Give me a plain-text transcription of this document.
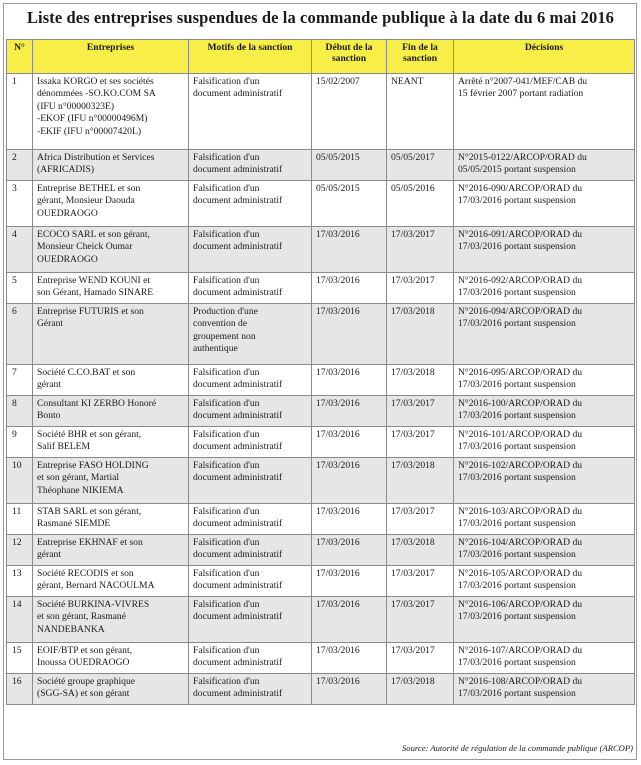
Liste des entreprises suspendues de la commande publique à la date du 6 mai 2016
N°	Entreprises	Motifs de la sanction	Début de la
sanction	Fin de la
sanction	Décisions
1	Issaka KORGO et ses sociétés
dénommées -SO.KO.COM SA
(IFU n°00000323E)
-EKOF (IFU n°00000496M)
-EKIF (IFU n°00007420L)	Falsification d'un
document administratif	15/02/2007	NEANT	Arrêté n°2007-041/MEF/CAB du
15 février 2007 portant radiation

2	Africa Distribution et Services
(AFRICADIS)	Falsification d'un
document administratif	05/05/2015	05/05/2017	N°2015-0122/ARCOP/ORAD du
05/05/2015 portant suspension

3	Entreprise BETHEL et son
gérant, Monsieur Daouda
OUEDRAOGO	Falsification d'un
document administratif	05/05/2015	05/05/2016	N°2016-090/ARCOP/ORAD du
17/03/2016 portant suspension

4	ECOCO SARL et son gérant,
Monsieur Cheick Oumar
OUEDRAOGO	Falsification d'un
document administratif	17/03/2016	17/03/2017	N°2016-091/ARCOP/ORAD du
17/03/2016 portant suspension

5	Entreprise WEND KOUNI et
son Gérant, Hamado SINARE	Falsification d'un
document administratif	17/03/2016	17/03/2017	N°2016-092/ARCOP/ORAD du
17/03/2016 portant suspension

6	Entreprise FUTURIS et son
Gérant	Production d'une
convention de
groupement non
authentique	17/03/2016	17/03/2018	N°2016-094/ARCOP/ORAD du
17/03/2016 portant suspension

7	Société C.CO.BAT et son
gérant	Falsification d'un
document administratif	17/03/2016	17/03/2018	N°2016-095/ARCOP/ORAD du
17/03/2016 portant suspension

8	Consultant KI ZERBO Honoré
Bonto	Falsification d'un
document administratif	17/03/2016	17/03/2017	N°2016-100/ARCOP/ORAD du
17/03/2016 portant suspension

9	Société BHR et son gérant,
Salif BELEM	Falsification d'un
document administratif	17/03/2016	17/03/2017	N°2016-101/ARCOP/ORAD du
17/03/2016 portant suspension

10	Entreprise FASO HOLDING
et son gérant, Martial
Théophane NIKIEMA	Falsification d'un
document administratif	17/03/2016	17/03/2018	N°2016-102/ARCOP/ORAD du
17/03/2016 portant suspension

11	STAB SARL et son gérant,
Rasmané SIEMDE	Falsification d'un
document administratif	17/03/2016	17/03/2017	N°2016-103/ARCOP/ORAD du
17/03/2016 portant suspension

12	Entreprise EKHNAF et son
gérant	Falsification d'un
document administratif	17/03/2016	17/03/2018	N°2016-104/ARCOP/ORAD du
17/03/2016 portant suspension

13	Société RECODIS et son
gérant, Bernard NACOULMA	Falsification d'un
document administratif	17/03/2016	17/03/2017	N°2016-105/ARCOP/ORAD du
17/03/2016 portant suspension

14	Société BURKINA-VIVRES
et son gérant, Rasmané
NANDEBANKA	Falsification d'un
document administratif	17/03/2016	17/03/2017	N°2016-106/ARCOP/ORAD du
17/03/2016 portant suspension

15	EOIF/BTP et son gérant,
Inoussa OUEDRAOGO	Falsification d'un
document administratif	17/03/2016	17/03/2017	N°2016-107/ARCOP/ORAD du
17/03/2016 portant suspension

16	Société groupe graphique
(SGG-SA) et son gérant	Falsification d'un
document administratif	17/03/2016	17/03/2018	N°2016-108/ARCOP/ORAD du
17/03/2016 portant suspension
Source: Autorité de régulation de la commande publique (ARCOP)
